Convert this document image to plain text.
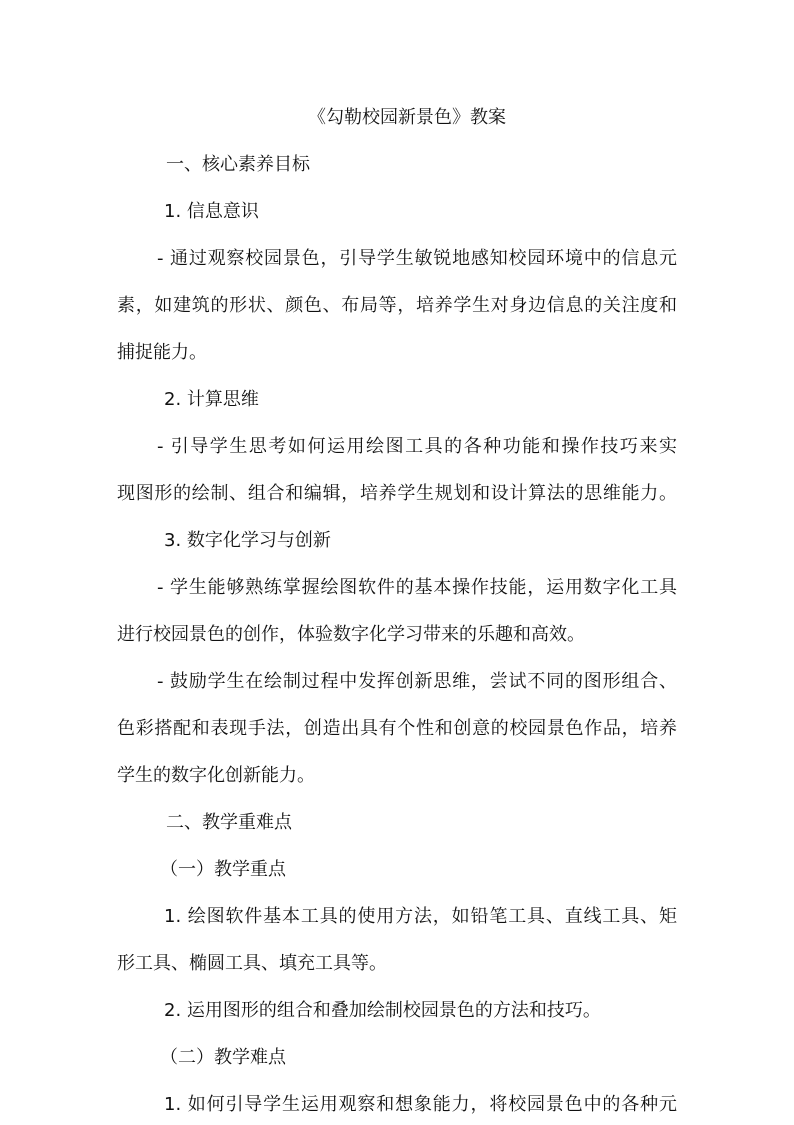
《勾勒校园新景色》教案
一、核心素养目标
1. 信息意识
- 通过观察校园景色，引导学生敏锐地感知校园环境中的信息元
素，如建筑的形状、颜色、布局等，培养学生对身边信息的关注度和
捕捉能力。
2. 计算思维
- 引导学生思考如何运用绘图工具的各种功能和操作技巧来实
现图形的绘制、组合和编辑，培养学生规划和设计算法的思维能力。
3. 数字化学习与创新
- 学生能够熟练掌握绘图软件的基本操作技能，运用数字化工具
进行校园景色的创作，体验数字化学习带来的乐趣和高效。
- 鼓励学生在绘制过程中发挥创新思维，尝试不同的图形组合、
色彩搭配和表现手法，创造出具有个性和创意的校园景色作品，培养
学生的数字化创新能力。
二、教学重难点
（一）教学重点
1. 绘图软件基本工具的使用方法，如铅笔工具、直线工具、矩
形工具、椭圆工具、填充工具等。
2. 运用图形的组合和叠加绘制校园景色的方法和技巧。
（二）教学难点
1. 如何引导学生运用观察和想象能力，将校园景色中的各种元
